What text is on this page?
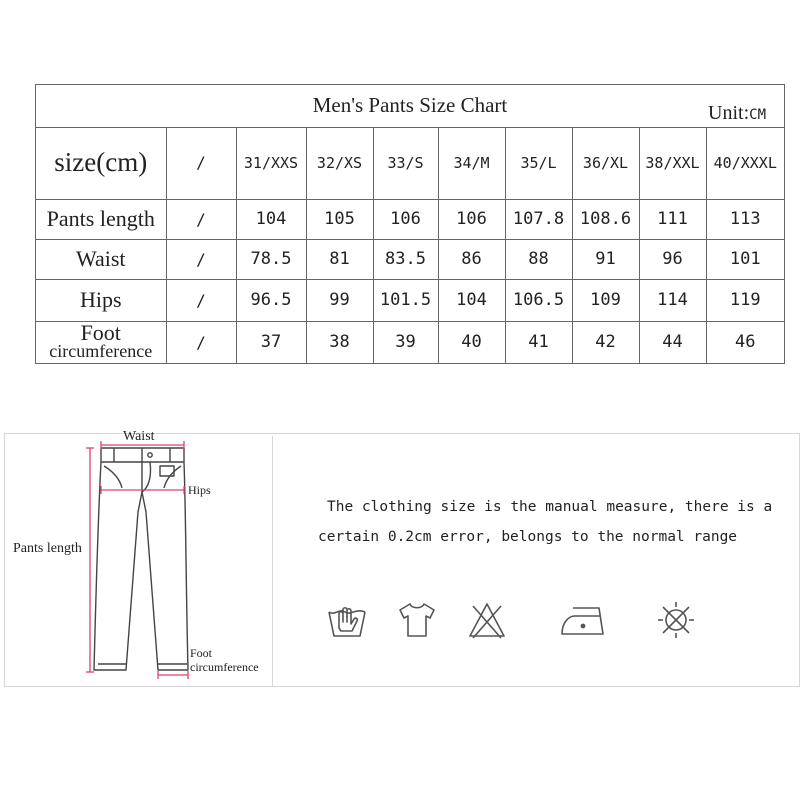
Men's Pants Size Chart	Unit:CM
size(cm)	/	31/XXS	32/XS	33/S	34/M	35/L	36/XL	38/XXL	40/XXXL
Pants length	/	104	105	106	106	107.8	108.6	111	113
Waist	/	78.5	81	83.5	86	88	91	96	101
Hips	/	96.5	99	101.5	104	106.5	109	114	119

Foot
circumference	/	37	38	39	40	41	42	44	46
Waist
Hips
Pants length
Foot
circumference
The clothing size is the manual measure, there is a
certain 0.2cm error, belongs to the normal range
